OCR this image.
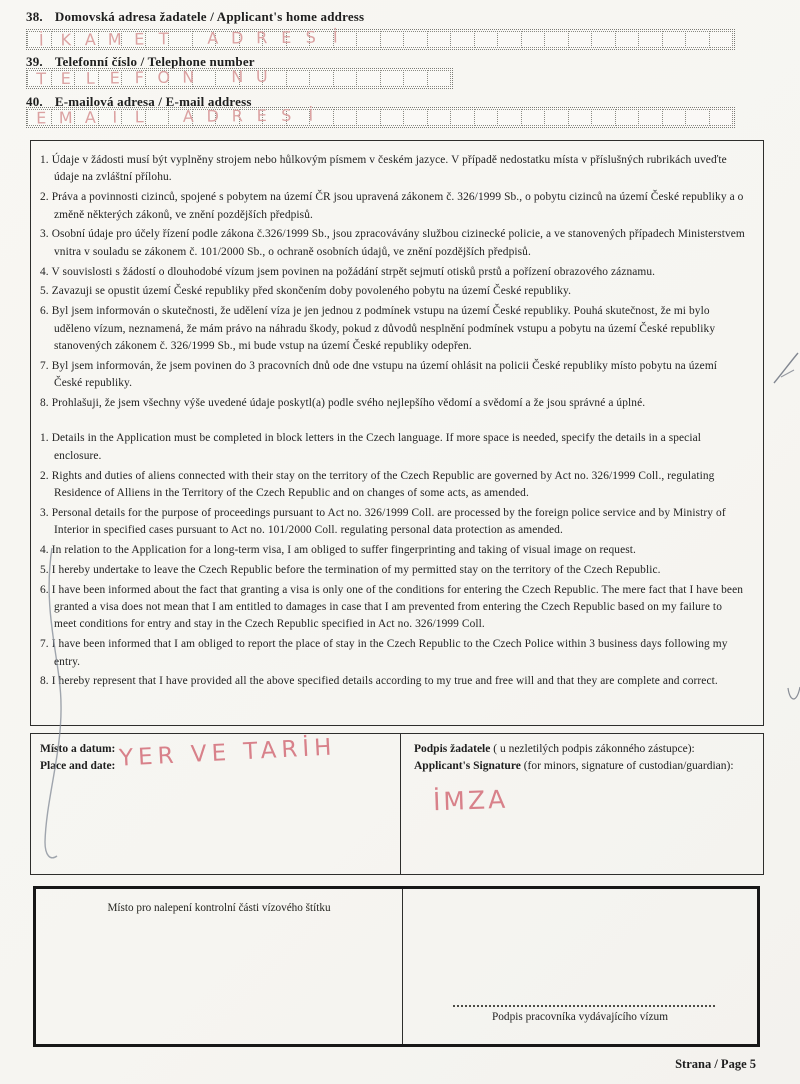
38. Domovská adresa žadatele / Applicant's home address
İ	K A M E T	A D R E S	İ
39. Telefonní číslo / Telephone number
T E L E F O N	N U
40. E-mailová adresa / E-mail address
E M A	I	L	A D R E S	İ
1. Údaje v žádosti musí být vyplněny strojem nebo hůlkovým písmem v českém jazyce. V případě nedostatku místa v příslušných rubrikách uveďte údaje na zvláštní přílohu.
2. Práva a povinnosti cizinců, spojené s pobytem na území ČR jsou upravená zákonem č. 326/1999 Sb., o pobytu cizinců na území České republiky a o změně některých zákonů, ve znění pozdějších předpisů.
3. Osobní údaje pro účely řízení podle zákona č.326/1999 Sb., jsou zpracovávány službou cizinecké policie, a ve stanovených případech Ministerstvem vnitra v souladu se zákonem č. 101/2000 Sb., o ochraně osobních údajů, ve znění pozdějších předpisů.
4. V souvislosti s žádostí o dlouhodobé vízum jsem povinen na požádání strpět sejmutí otisků prstů a pořízení obrazového záznamu.
5. Zavazuji se opustit území České republiky před skončením doby povoleného pobytu na území České republiky.
6. Byl jsem informován o skutečnosti, že udělení víza je jen jednou z podmínek vstupu na území České republiky. Pouhá skutečnost, že mi bylo uděleno vízum, neznamená, že mám právo na náhradu škody, pokud z důvodů nesplnění podmínek vstupu a pobytu na území České republiky stanovených zákonem č. 326/1999 Sb., mi bude vstup na území České republiky odepřen.
7. Byl jsem informován, že jsem povinen do 3 pracovních dnů ode dne vstupu na území ohlásit na policii České republiky místo pobytu na území České republiky.
8. Prohlašuji, že jsem všechny výše uvedené údaje poskytl(a) podle svého nejlepšího vědomí a svědomí a že jsou správné a úplné.
1. Details in the Application must be completed in block letters in the Czech language. If more space is needed, specify the details in a special enclosure.
2. Rights and duties of aliens connected with their stay on the territory of the Czech Republic are governed by Act no. 326/1999 Coll., regulating Residence of Alliens in the Territory of the Czech Republic and on changes of some acts, as amended.
3. Personal details for the purpose of proceedings pursuant to Act no. 326/1999 Coll. are processed by the foreign police service and by Ministry of Interior in specified cases pursuant to Act no. 101/2000 Coll. regulating personal data protection as amended.
4. In relation to the Application for a long-term visa, I am obliged to suffer fingerprinting and taking of visual image on request.
5. I hereby undertake to leave the Czech Republic before the termination of my permitted stay on the territory of the Czech Republic.
6. I have been informed about the fact that granting a visa is only one of the conditions for entering the Czech Republic. The mere fact that I have been granted a visa does not mean that I am entitled to damages in case that I am prevented from entering the Czech Republic based on my failure to meet conditions for entry and stay in the Czech Republic specified in Act no. 326/1999 Coll.
7. I have been informed that I am obliged to report the place of stay in the Czech Republic to the Czech Police within 3 business days following my entry.
8. I hereby represent that I have provided all the above specified details according to my true and free will and that they are complete and correct.
Místo a datum:
Place and date: YER VE TARİH	Podpis žadatele ( u nezletilých podpis zákonného zástupce):
Applicant's Signature (for minors, signature of custodian/guardian):
İMZA
Místo pro nalepení kontrolní části vízového štítku
Podpis pracovníka vydávajícího vízum
Strana / Page 5
